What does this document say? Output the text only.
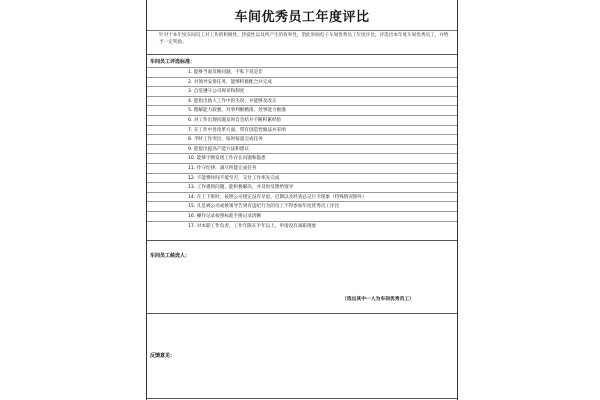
车间优秀员工年度评比
针对于本年度车间员工对工作的积极性、热爱性以及所产生的效率性，望此举励电子车间优秀员工年度评比，评选出本年度车间优秀员工，并给予一定奖励。
车间员工评选标准：
1. 能够当面反映问题，不私下说是非
2. 对领导安排任务，能够积极配合并完成
3. 自觉遵守公司规章和制度
4. 能指出他人工作中的失误，并能够及改正
5. 理解能力较强，对事判断精准，处事能力极强
6. 对工作出现问题及时自会结并不断积累经验
7. 在工作中善改革方面，带有创造性做法并采纳
8. 平时工作突出，按时按量完成任务
9. 能提出提高产能方法和建议
10. 能够不断发现工作存在问题和隐患
11. 作守纪律，减尽所能完成任务
12. 不能费时间不抵至否，交付工作率先完成
13. 工作遇到问题，能积极解决，并及时反馈给领导
14. 在上下班时，按照公司规定没有早退，近期以及经查总记行卡现象（特殊情况除外）
15. 凡是被公司或被领导告到有违纪行为的员工不得参加年度优秀员工评比
16. 操作记录按照标准手册记录清晰
17. 对本职工作负责，工作年限在半年以上，申请没有离职现象
车间员工候选人：
（选出其中一人为车间优秀员工）
反馈意见：
